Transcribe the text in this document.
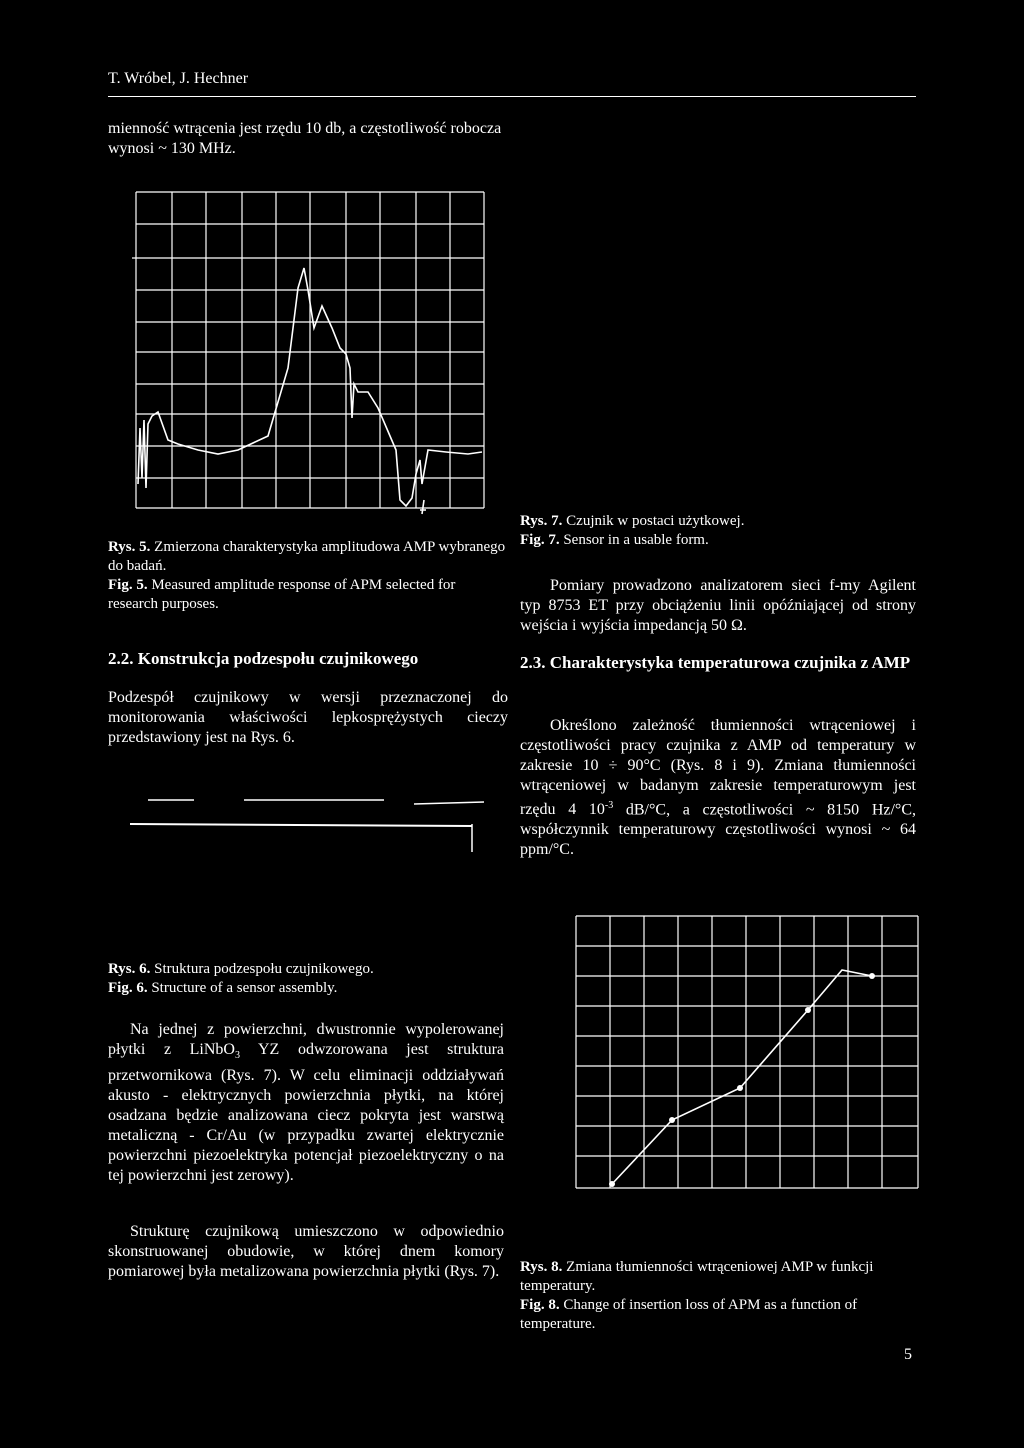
T. Wróbel, J. Hechner
mienność wtrącenia jest rzędu 10 db, a częstotliwość robocza wynosi ~ 130 MHz.
Rys. 5. Zmierzona charakterystyka amplitudowa AMP wybranego do badań.
Fig. 5. Measured amplitude response of APM selected for research purposes.
2.2. Konstrukcja podzespołu czujnikowego
Podzespół czujnikowy w wersji przeznaczonej do monitorowania właściwości lepkosprężystych cieczy przedstawiony jest na Rys. 6.
Rys. 6. Struktura podzespołu czujnikowego.
Fig. 6. Structure of a sensor assembly.
Na jednej z powierzchni, dwustronnie wypolerowanej płytki z LiNbO$_3$ YZ odwzorowana jest struktura przetwornikowa (Rys. 7). W celu eliminacji oddziaływań akusto - elektrycznych powierzchnia płytki, na której osadzana będzie analizowana ciecz pokryta jest warstwą metaliczną - Cr/Au (w przypadku zwartej elektrycznie powierzchni piezoelektryka potencjał piezoelektryczny o na tej powierzchni jest zerowy).
Strukturę czujnikową umieszczono w odpowiednio skonstruowanej obudowie, w której dnem komory pomiarowej była metalizowana powierzchnia płytki (Rys. 7).
Rys. 7. Czujnik w postaci użytkowej.
Fig. 7. Sensor in a usable form.
Pomiary prowadzono analizatorem sieci f-my Agilent typ 8753 ET przy obciążeniu linii opóźniającej od strony wejścia i wyjścia impedancją 50 Ω.
2.3. Charakterystyka temperaturowa czujnika z AMP
Określono zależność tłumienności wtrąceniowej i częstotliwości pracy czujnika z AMP od temperatury w zakresie 10 ÷ 90°C (Rys. 8 i 9). Zmiana tłumienności wtrąceniowej w badanym zakresie temperaturowym jest rzędu 4 $10^{-3}$ dB/°C, a częstotliwości ~ 8150 Hz/°C, współczynnik temperaturowy częstotliwości wynosi ~ 64 ppm/°C.
Rys. 8. Zmiana tłumienności wtrąceniowej AMP w funkcji temperatury.
Fig. 8. Change of insertion loss of APM as a function of temperature.
5
